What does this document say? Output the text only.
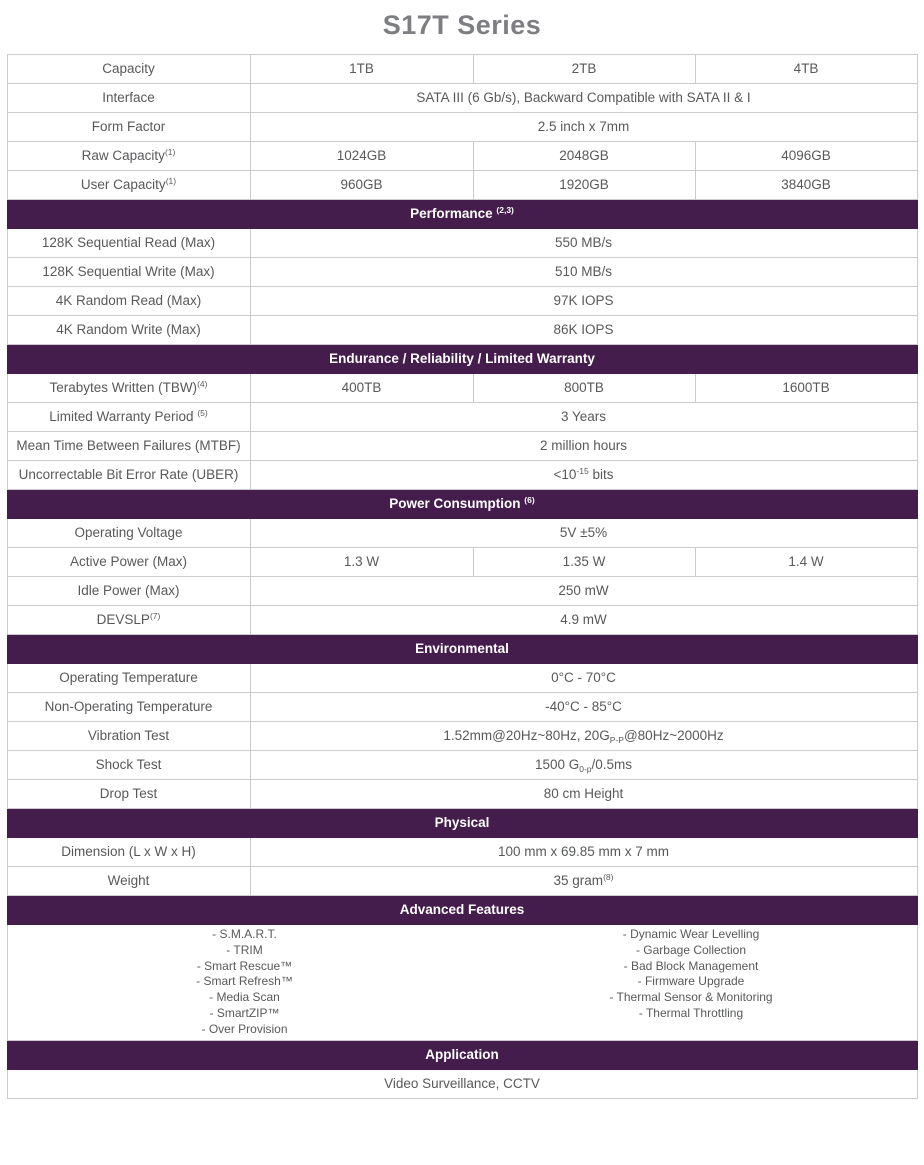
S17T Series
Capacity	1TB	2TB	4TB
Interface	SATA III (6 Gb/s), Backward Compatible with SATA II & I		
Form Factor	2.5 inch x 7mm		
Raw Capacity$^{(1)}$	1024GB	2048GB	4096GB
User Capacity$^{(1)}$	960GB	1920GB	3840GB
Performance $^{(2,3)}$
128K Sequential Read (Max)	550 MB/s		
128K Sequential Write (Max)	510 MB/s		
4K Random Read (Max)	97K IOPS		
4K Random Write (Max)	86K IOPS		
Endurance / Reliability / Limited Warranty			
Terabytes Written (TBW)$^{(4)}$	400TB	800TB	1600TB
Limited Warranty Period $^{(5)}$	3 Years		
Mean Time Between Failures (MTBF)	2 million hours		
Uncorrectable Bit Error Rate (UBER)	$<10^{-15}$ bits		
Power Consumption $^{(6)}$
Operating Voltage	5V ±5%		
Active Power (Max)	1.3 W	1.35 W	1.4 W
Idle Power (Max)	250 mW		
DEVSLP$^{(7)}$	4.9 mW		
Environmental			
Operating Temperature	0°C - 70°C		
Non-Operating Temperature	-40°C - 85°C		
Vibration Test	1.52mm@20Hz~80Hz, $20G_{P-P}@80Hz\sim 2000Hz$		
Shock Test	1500 $G_{0-p}/0.5ms$		
Drop Test	80 cm Height		
Physical			
Dimension (L x W x H)	100 mm x 69.85 mm x 7 mm		
Weight	35 gram$^{(8)}$
Advanced Features			

- S.M.A.R.T.
- TRIM
- Smart Rescue™
- Smart Refresh™
- Media Scan
- SmartZIP™
- Over Provision
- Dynamic Wear Levelling
- Garbage Collection
- Bad Block Management
- Firmware Upgrade
- Thermal Sensor & Monitoring
- Thermal Throttling

Application			
Video Surveillance, CCTV			
